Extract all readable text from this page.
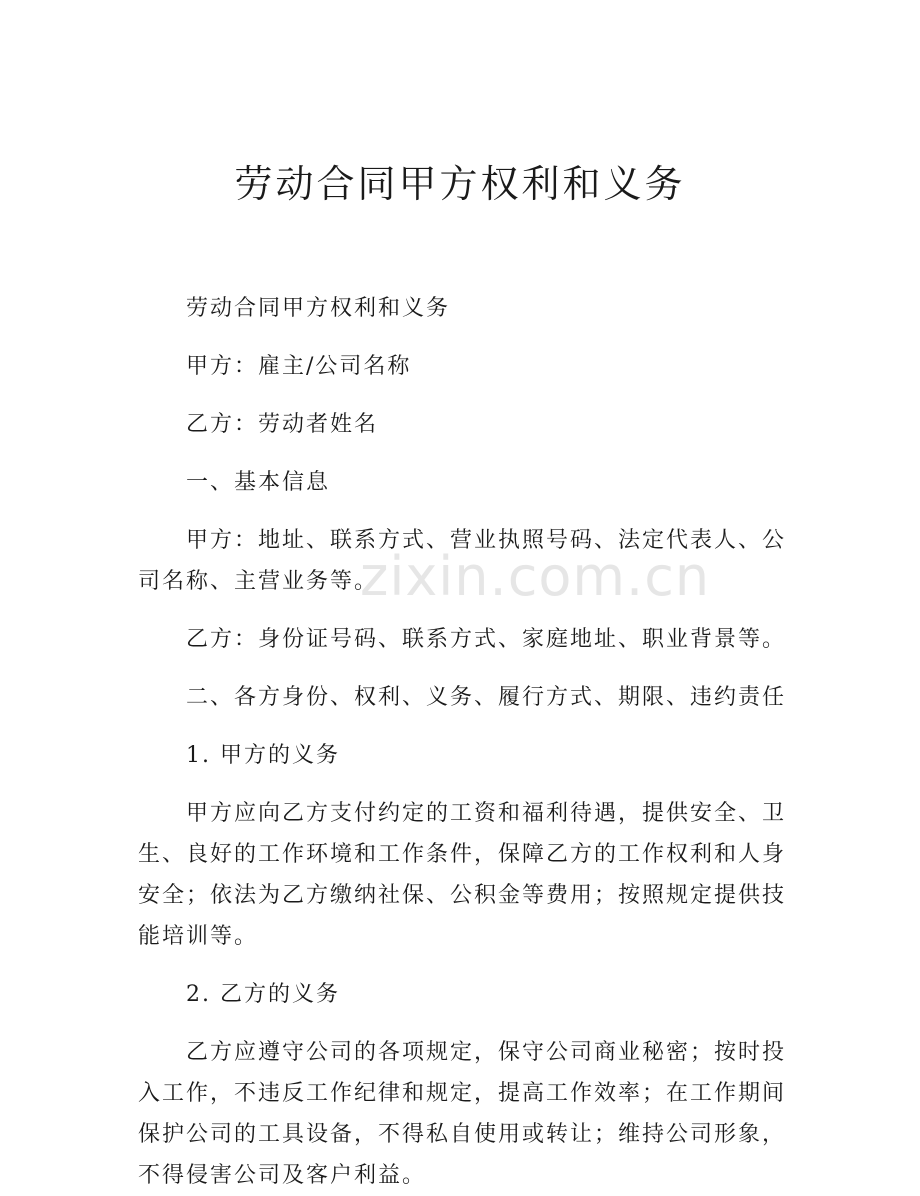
zixin.com.cn
劳动合同甲方权利和义务

劳动合同甲方权利和义务

甲方：雇主/公司名称

乙方：劳动者姓名

一、基本信息

甲方：地址、联系方式、营业执照号码、法定代表人、公司名称、主营业务等。

乙方：身份证号码、联系方式、家庭地址、职业背景等。

二、各方身份、权利、义务、履行方式、期限、违约责任

1. 甲方的义务

甲方应向乙方支付约定的工资和福利待遇，提供安全、卫生、良好的工作环境和工作条件，保障乙方的工作权利和人身安全；依法为乙方缴纳社保、公积金等费用；按照规定提供技能培训等。

2. 乙方的义务

乙方应遵守公司的各项规定，保守公司商业秘密；按时投入工作，不违反工作纪律和规定，提高工作效率；在工作期间保护公司的工具设备，不得私自使用或转让；维持公司形象，不得侵害公司及客户利益。
